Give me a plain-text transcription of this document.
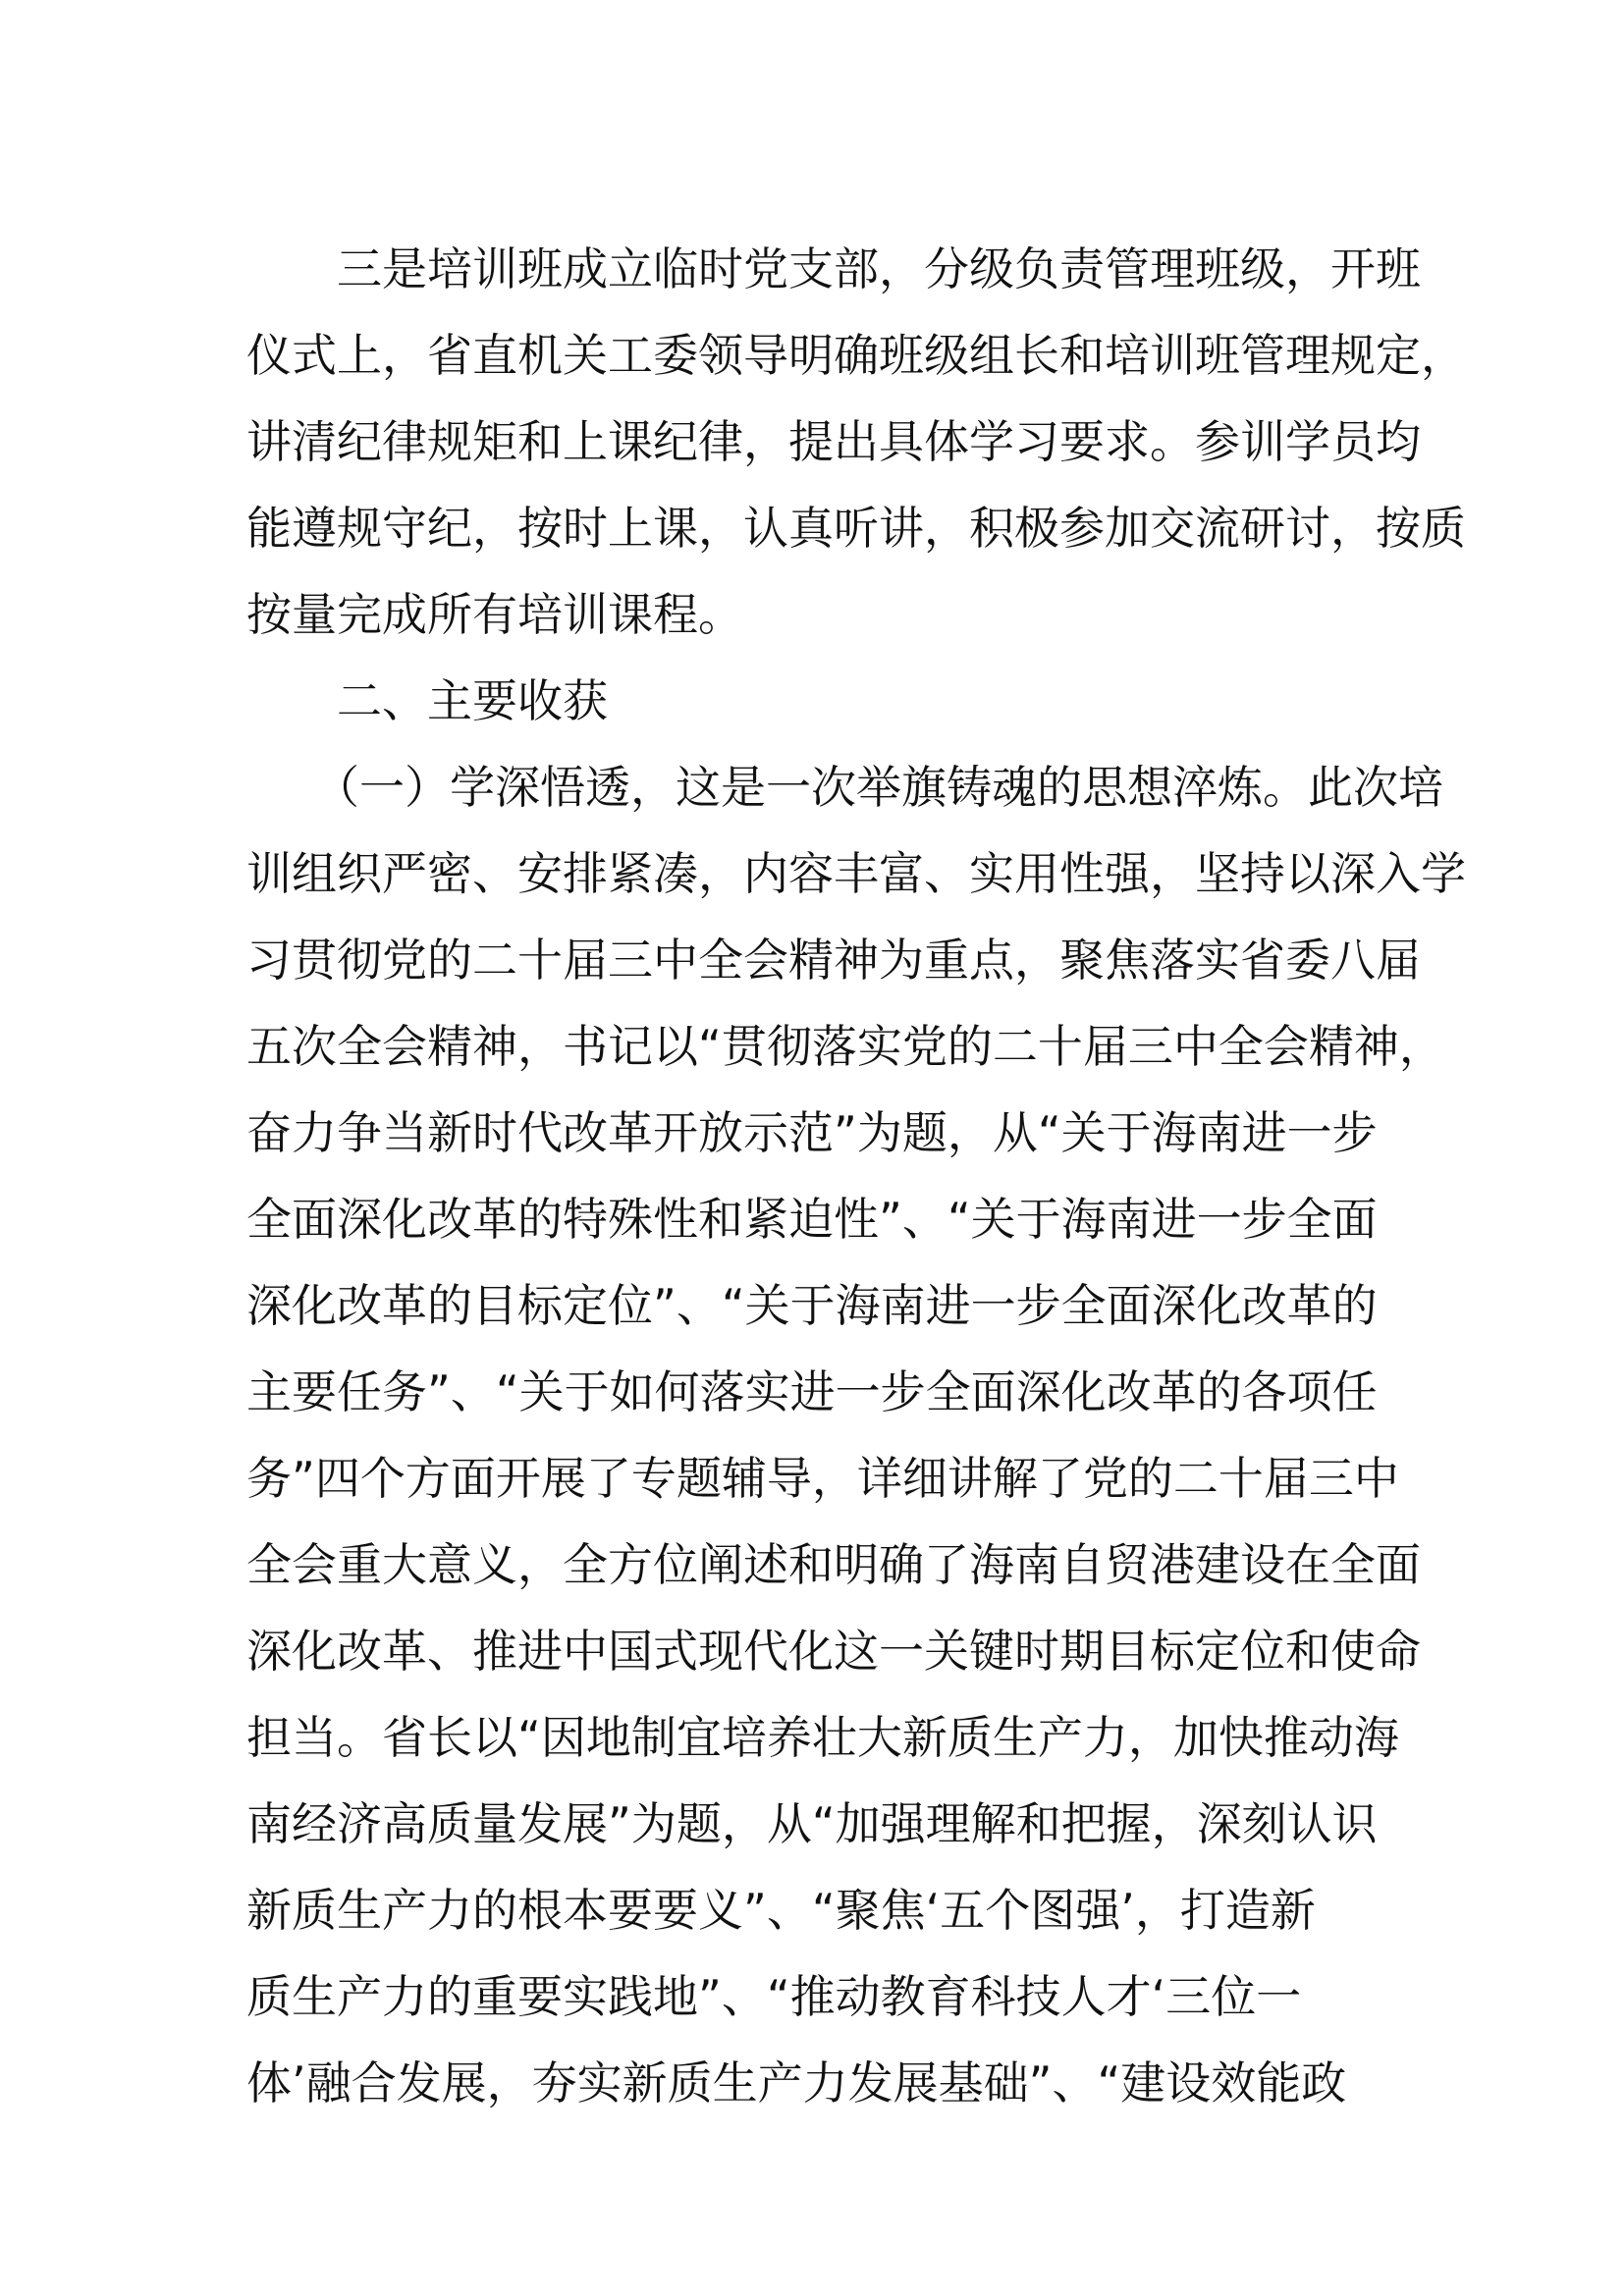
　　三是培训班成立临时党支部，分级负责管理班级，开班
仪式上，省直机关工委领导明确班级组长和培训班管理规定，
讲清纪律规矩和上课纪律，提出具体学习要求。参训学员均
能遵规守纪，按时上课，认真听讲，积极参加交流研讨，按质
按量完成所有培训课程。
　　二、主要收获
　　（一）学深悟透，这是一次举旗铸魂的思想淬炼。此次培
训组织严密、安排紧凑，内容丰富、实用性强，坚持以深入学
习贯彻党的二十届三中全会精神为重点，聚焦落实省委八届
五次全会精神，书记以“贯彻落实党的二十届三中全会精神，
奋力争当新时代改革开放示范”为题，从“关于海南进一步
全面深化改革的特殊性和紧迫性”、“关于海南进一步全面
深化改革的目标定位”、“关于海南进一步全面深化改革的
主要任务”、“关于如何落实进一步全面深化改革的各项任
务”四个方面开展了专题辅导，详细讲解了党的二十届三中
全会重大意义，全方位阐述和明确了海南自贸港建设在全面
深化改革、推进中国式现代化这一关键时期目标定位和使命
担当。省长以“因地制宜培养壮大新质生产力，加快推动海
南经济高质量发展”为题，从“加强理解和把握，深刻认识
新质生产力的根本要要义”、“聚焦‘五个图强’，打造新
质生产力的重要实践地”、“推动教育科技人才‘三位一
体’融合发展，夯实新质生产力发展基础”、“建设效能政
